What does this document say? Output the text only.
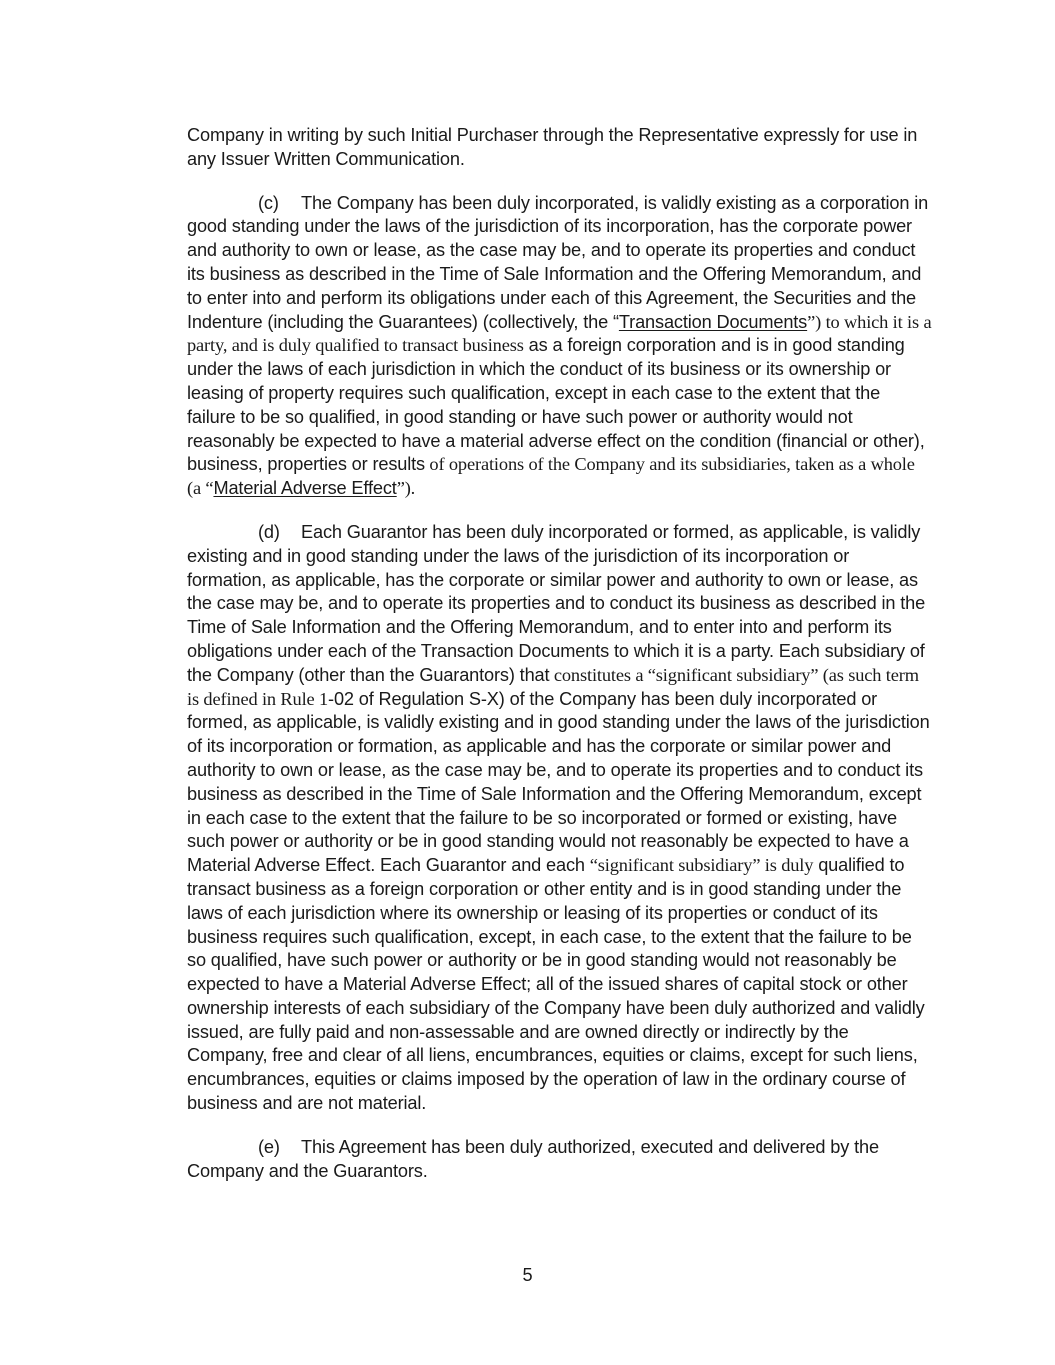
Company in writing by such Initial Purchaser through the Representative expressly for use in any Issuer Written Communication.

(c) The Company has been duly incorporated, is validly existing as a corporation in good standing under the laws of the jurisdiction of its incorporation, has the corporate power and authority to own or lease, as the case may be, and to operate its properties and conduct its business as described in the Time of Sale Information and the Offering Memorandum, and to enter into and perform its obligations under each of this Agreement, the Securities and the Indenture (including the Guarantees) (collectively, the “Transaction Documents”) to which it is a party, and is duly qualified to transact business as a foreign corporation and is in good standing under the laws of each jurisdiction in which the conduct of its business or its ownership or leasing of property requires such qualification, except in each case to the extent that the failure to be so qualified, in good standing or have such power or authority would not reasonably be expected to have a material adverse effect on the condition (financial or other), business, properties or results of operations of the Company and its subsidiaries, taken as a whole (a “Material Adverse Effect”).

(d) Each Guarantor has been duly incorporated or formed, as applicable, is validly existing and in good standing under the laws of the jurisdiction of its incorporation or formation, as applicable, has the corporate or similar power and authority to own or lease, as the case may be, and to operate its properties and to conduct its business as described in the Time of Sale Information and the Offering Memorandum, and to enter into and perform its obligations under each of the Transaction Documents to which it is a party. Each subsidiary of the Company (other than the Guarantors) that constitutes a “significant subsidiary” (as such term is defined in Rule 1-02 of Regulation S-X) of the Company has been duly incorporated or formed, as applicable, is validly existing and in good standing under the laws of the jurisdiction of its incorporation or formation, as applicable and has the corporate or similar power and authority to own or lease, as the case may be, and to operate its properties and to conduct its business as described in the Time of Sale Information and the Offering Memorandum, except in each case to the extent that the failure to be so incorporated or formed or existing, have such power or authority or be in good standing would not reasonably be expected to have a Material Adverse Effect. Each Guarantor and each “significant subsidiary” is duly qualified to transact business as a foreign corporation or other entity and is in good standing under the laws of each jurisdiction where its ownership or leasing of its properties or conduct of its business requires such qualification, except, in each case, to the extent that the failure to be so qualified, have such power or authority or be in good standing would not reasonably be expected to have a Material Adverse Effect; all of the issued shares of capital stock or other ownership interests of each subsidiary of the Company have been duly authorized and validly issued, are fully paid and non-assessable and are owned directly or indirectly by the Company, free and clear of all liens, encumbrances, equities or claims, except for such liens, encumbrances, equities or claims imposed by the operation of law in the ordinary course of business and are not material.

(e) This Agreement has been duly authorized, executed and delivered by the Company and the Guarantors.

5
